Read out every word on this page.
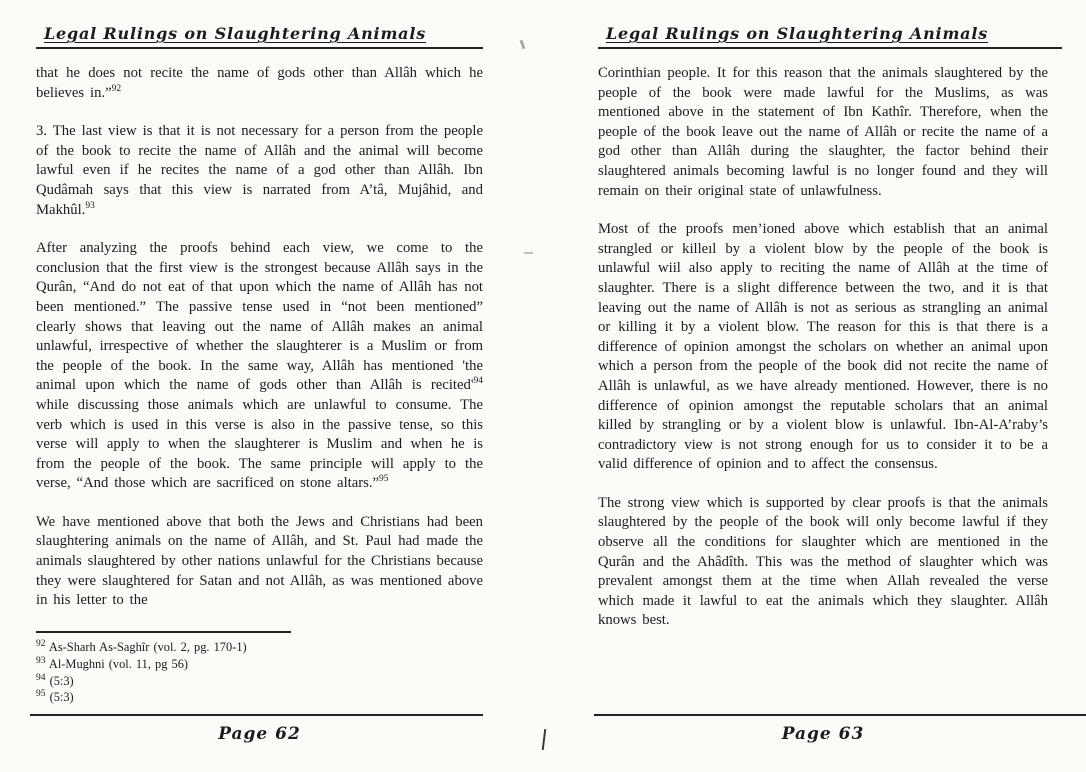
Legal Rulings on Slaughtering Animals

that he does not recite the name of gods other than Allâh which he believes in.”$^{92}$

3. The last view is that it is not necessary for a person from the people of the book to recite the name of Allâh and the animal will become lawful even if he recites the name of a god other than Allâh. Ibn Qudâmah says that this view is narrated from A’tâ, Mujâhid, and Makhûl.$^{93}$

After analyzing the proofs behind each view, we come to the conclusion that the first view is the strongest because Allâh says in the Qurân, “And do not eat of that upon which the name of Allâh has not been mentioned.” The passive tense used in “not been mentioned” clearly shows that leaving out the name of Allâh makes an animal unlawful, irrespective of whether the slaughterer is a Muslim or from the people of the book. In the same way, Allâh has mentioned 'the animal upon which the name of gods other than Allâh is $recited'^{94}$ while discussing those animals which are unlawful to consume. The verb which is used in this verse is also in the passive tense, so this verse will apply to when the slaughterer is Muslim and when he is from the people of the book. The same principle will apply to the verse, “And those which are sacrificed on stone altars.”$^{95}$

We have mentioned above that both the Jews and Christians had been slaughtering animals on the name of Allâh, and St. Paul had made the animals slaughtered by other nations unlawful for the Christians because they were slaughtered for Satan and not Allâh, as was mentioned above in his letter to the

$^{92}$ As-Sharh As-Saghîr (vol. 2, pg. 170-1)
$^{93}$ Al-Mughni (vol. 11, pg 56)
$^{94}$ (5:3)
$^{95}$ (5:3)
Page 62
Legal Rulings on Slaughtering Animals

Corinthian people. It for this reason that the animals slaughtered by the people of the book were made lawful for the Muslims, as was mentioned above in the statement of Ibn Kathîr. Therefore, when the people of the book leave out the name of Allâh or recite the name of a god other than Allâh during the slaughter, the factor behind their slaughtered animals becoming lawful is no longer found and they will remain on their original state of unlawfulness.

Most of the proofs men’ioned above which establish that an animal strangled or killeıl by a violent blow by the people of the book is unlawful wiil also apply to reciting the name of Allâh at the time of slaughter. There is a slight difference between the two, and it is that leaving out the name of Allâh is not as serious as strangling an animal or killing it by a violent blow. The reason for this is that there is a difference of opinion amongst the scholars on whether an animal upon which a person from the people of the book did not recite the name of Allâh is unlawful, as we have already mentioned. However, there is no difference of opinion amongst the reputable scholars that an animal killed by strangling or by a violent blow is unlawful. Ibn-Al-A’raby’s contradictory view is not strong enough for us to consider it to be a valid difference of opinion and to affect the consensus.

The strong view which is supported by clear proofs is that the animals slaughtered by the people of the book will only become lawful if they observe all the conditions for slaughter which are mentioned in the Qurân and the Ahâdîth. This was the method of slaughter which was prevalent amongst them at the time when Allah revealed the verse which made it lawful to eat the animals which they slaughter. Allâh knows best.

Page 63
